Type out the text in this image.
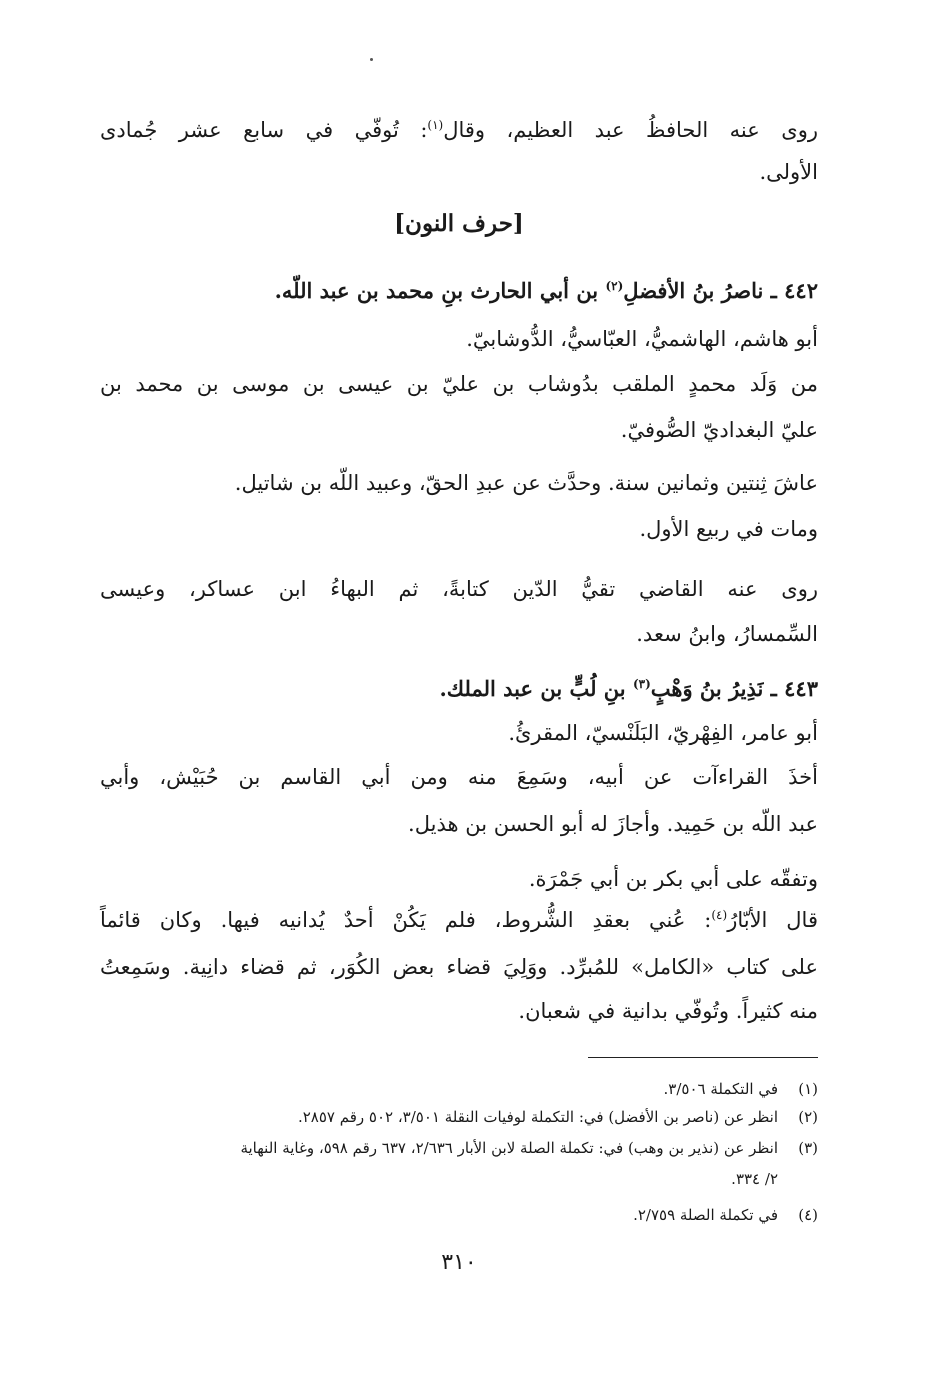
روى عنه الحافظُ عبد العظيم، وقال$^{(١)}$: تُوفّي في سابع عشر جُمادى
الأولى.
[حرف النون]
٤٤٢ ـ ناصرُ بنُ الأفضلِ$^{(٢)}$ بن أبي الحارث بنِ محمد بن عبد اللّه.
أبو هاشم، الهاشميُّ، العبّاسيُّ، الدُّوشابيّ.
من وَلَد محمدٍ الملقب بدُوشاب بن عليّ بن عيسى بن موسى بن محمد بن
عليّ البغداديّ الصُّوفيّ.
عاشَ ثِنتين وثمانين سنة. وحدَّث عن عبدِ الحقّ، وعبيد اللّه بن شاتيل.
ومات في ربيع الأول.
روى عنه القاضي تقيُّ الدّين كتابةً، ثم البهاءُ ابن عساكر، وعيسى
السِّمسارُ، وابنُ سعد.
٤٤٣ ـ نَذِيرُ بنُ وَهْبٍ$^{(٣)}$ بنِ لُبٍّ بن عبد الملك.
أبو عامر، الفِهْريّ، البَلَنْسيّ، المقرئُ.
أخذَ القراءآت عن أبيه، وسَمِعَ منه ومن أبي القاسم بن حُبَيْش، وأبي
عبد اللّه بن حَمِيد. وأجازَ له أبو الحسن بن هذيل.
وتفقّه على أبي بكر بن أبي جَمْرَة.
قال الأبّارُ$^{(٤)}$: عُني بعقدِ الشُّروط، فلم يَكُنْ أحدٌ يُدانيه فيها. وكان قائماً
على كتاب «الكامل» للمُبرِّد. ووَلِيَ قضاء بعض الكُوَر، ثم قضاء دانِية. وسَمِعتُ
منه كثيراً. وتُوفّي بدانية في شعبان.
(١)في التكملة ٣/٥٠٦.
(٢)انظر عن (ناصر بن الأفضل) في: التكملة لوفيات النقلة ٣/٥٠١، ٥٠٢ رقم ٢٨٥٧.
(٣)انظر عن (نذير بن وهب) في: تكملة الصلة لابن الأبار ٢/٦٣٦، ٦٣٧ رقم ٥٩٨، وغاية النهاية
٢/ ٣٣٤.
(٤)في تكملة الصلة ٢/٧٥٩.
٣١٠
